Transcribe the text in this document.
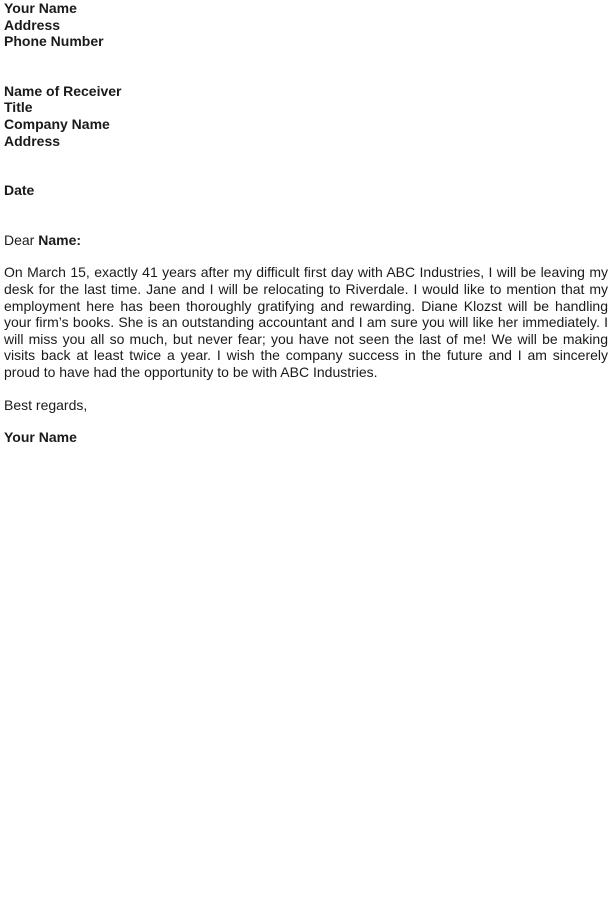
Your Name
Address
Phone Number
Name of Receiver
Title
Company Name
Address
Date
Dear Name:

On March 15, exactly 41 years after my difficult first day with ABC Industries, I will be leaving my desk for the last time. Jane and I will be relocating to Riverdale. I would like to mention that my employment here has been thoroughly gratifying and rewarding. Diane Klozst will be handling your firm’s books. She is an outstanding accountant and I am sure you will like her immediately. I will miss you all so much, but never fear; you have not seen the last of me! We will be making visits back at least twice a year. I wish the company success in the future and I am sincerely proud to have had the opportunity to be with ABC Industries.

Best regards,
Your Name
